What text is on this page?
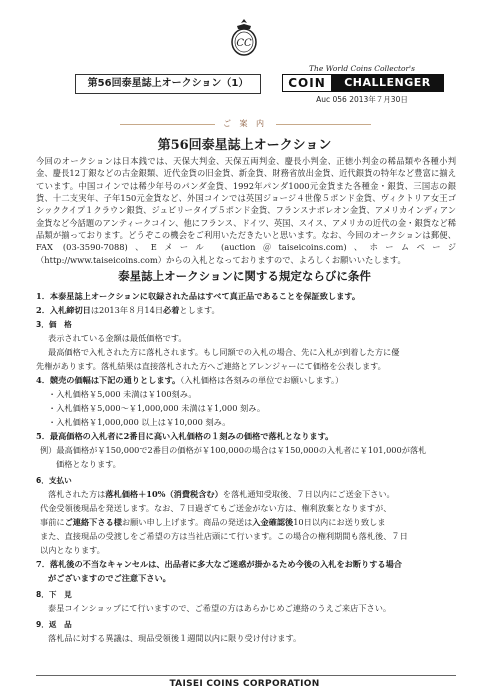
CC
第56回泰星誌上オークション（1）
The World Coins Collector's
COIN	CHALLENGER
Auc 056 2013年７月30日
ご 案 内
第56回泰星誌上オークション
今回のオークションは日本銭では、天保大判金、天保五両判金、慶長小判金、正徳小判金の稀品類や各種小判金、慶長12丁銀などの古金銀類、近代金貨の旧金貨、新金貨、財務省放出金貨、近代銀貨の特年など豊富に揃えています。中国コインでは稀少年号のパンダ金貨、1992年パンダ1000元金貨また各種金・銀貨、三国志の銀貨、十二支実年、子年150元金貨など、外国コインでは英国ジョージ４世像５ポンド金貨、ヴィクトリア女王ゴシッククイプ１クラウン銀貨、ジュビリータイプ５ポンド金貨、フランスナポレオン金貨、アメリカインディアン金貨など今話題のアンティークコイン、他にフランス、ドイツ、英国、スイス、アメリカの近代の金・銀貨など稀品類が揃っております。どうぞこの機会をご利用いただきたいと思います。なお、今回のオークションは郵便、FAX (03-3590-7088)、Eメール (auction＠taiseicoins.com)、ホームページ（http://www.taiseicoins.com）からの入札となっておりますので、よろしくお願いいたします。
泰星誌上オークションに関する規定ならびに条件
1．本泰星誌上オークションに収録された品はすべて真正品であることを保証致します。
2．入札締切日は2013年８月14日必着とします。
3．価　格
表示されている金額は最低価格です。
最高価格で入札された方に落札されます。もし同額での入札の場合、先に入札が到着した方に優
先権があります。落札結果は直接落札された方へご連絡とアレンジャーにて価格を公表します。
4．競売の価幅は下記の通りとします。（入札価格は各刻みの単位でお願いします。）
・入札価格￥5,000 未満は￥100刻み。
・入札価格￥5,000～￥1,000,000 未満は￥1,000 刻み。
・入札価格￥1,000,000 以上は￥10,000 刻み。
5．最高価格の入札者に2番目に高い入札価格の１刻みの価格で落札となります。
例）最高価格が￥150,000で2番目の価格が￥100,000の場合は￥150,000の入札者に￥101,000が落札
価格となります。
6．支払い
落札された方は落札価格＋10%（消費税含む）を落札通知受取後、７日以内にご送金下さい。
代金受領後現品を発送します。なお、７日過ぎてもご送金がない方は、権利放棄となりますが、
事前にご連絡下さる様お願い申し上げます。商品の発送は入金確認後10日以内にお送り致しま
また、直接現品の受渡しをご希望の方は当社店頭にて行います。この場合の権利期間も落札後、７日
以内となります。
7．落札後の不当なキャンセルは、出品者に多大なご迷惑が掛かるため今後の入札をお断りする場合
がございますのでご注意下さい。
8．下　見
泰星コインショップにて行いますので、ご希望の方はあらかじめご連絡のうえご来店下さい。
9．返　品
落札品に対する異議は、現品受領後１週間以内に限り受け付けます。
TAISEI COINS CORPORATION
